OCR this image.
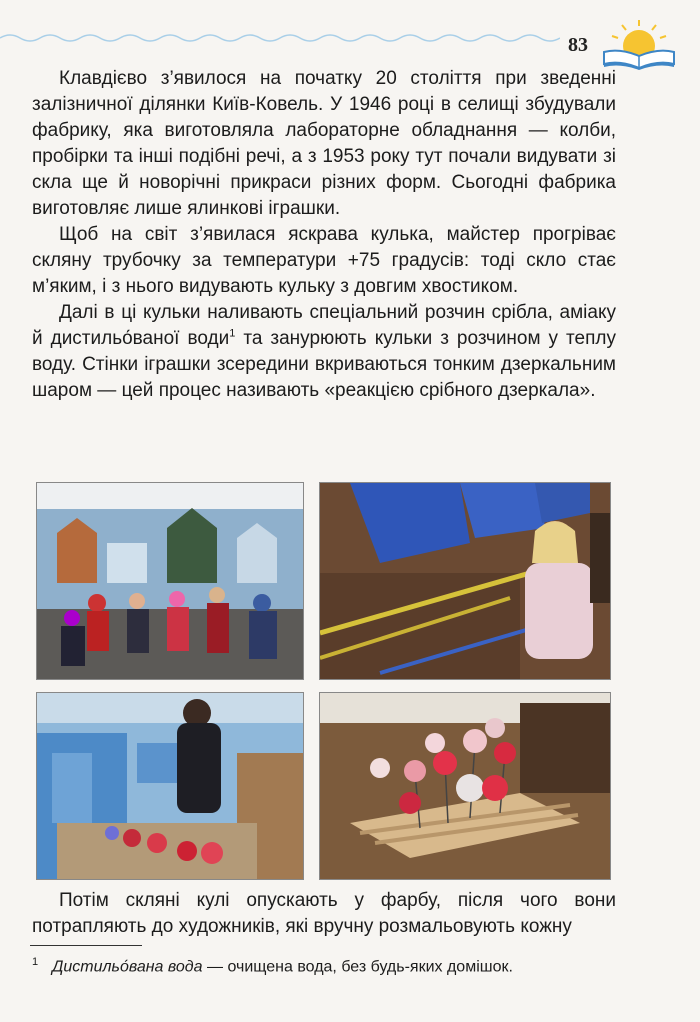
83

Клавдієво з’явилося на початку 20 століття при зведенні залізничної ділянки Київ-Ковель. У 1946 році в селищі збудували фабрику, яка виготовляла лабораторне обладнання — колби, пробірки та інші подібні речі, а з 1953 року тут почали видувати зі скла ще й новорічні прикраси різних форм. Сьогодні фабрика виготовляє лише ялинкові іграшки.

Щоб на світ з’явилася яскрава кулька, майстер прогріває скляну трубочку за температури +75 градусів: тоді скло стає м’яким, і з нього видувають кульку з довгим хвостиком.

Далі в ці кульки наливають спеціальний розчин срібла, аміаку й дистильо́ваної води$^1$ та занурюють кульки з розчином у теплу воду. Стінки іграшки зсередини вкриваються тонким дзеркальним шаром — цей процес називають «реакцією срібного дзеркала».

Потім скляні кулі опускають у фарбу, після чого вони потрапляють до художників, які вручну розмальовують кожну

$^1$ Дистильо́вана вода — очищена вода, без будь-яких домішок.
